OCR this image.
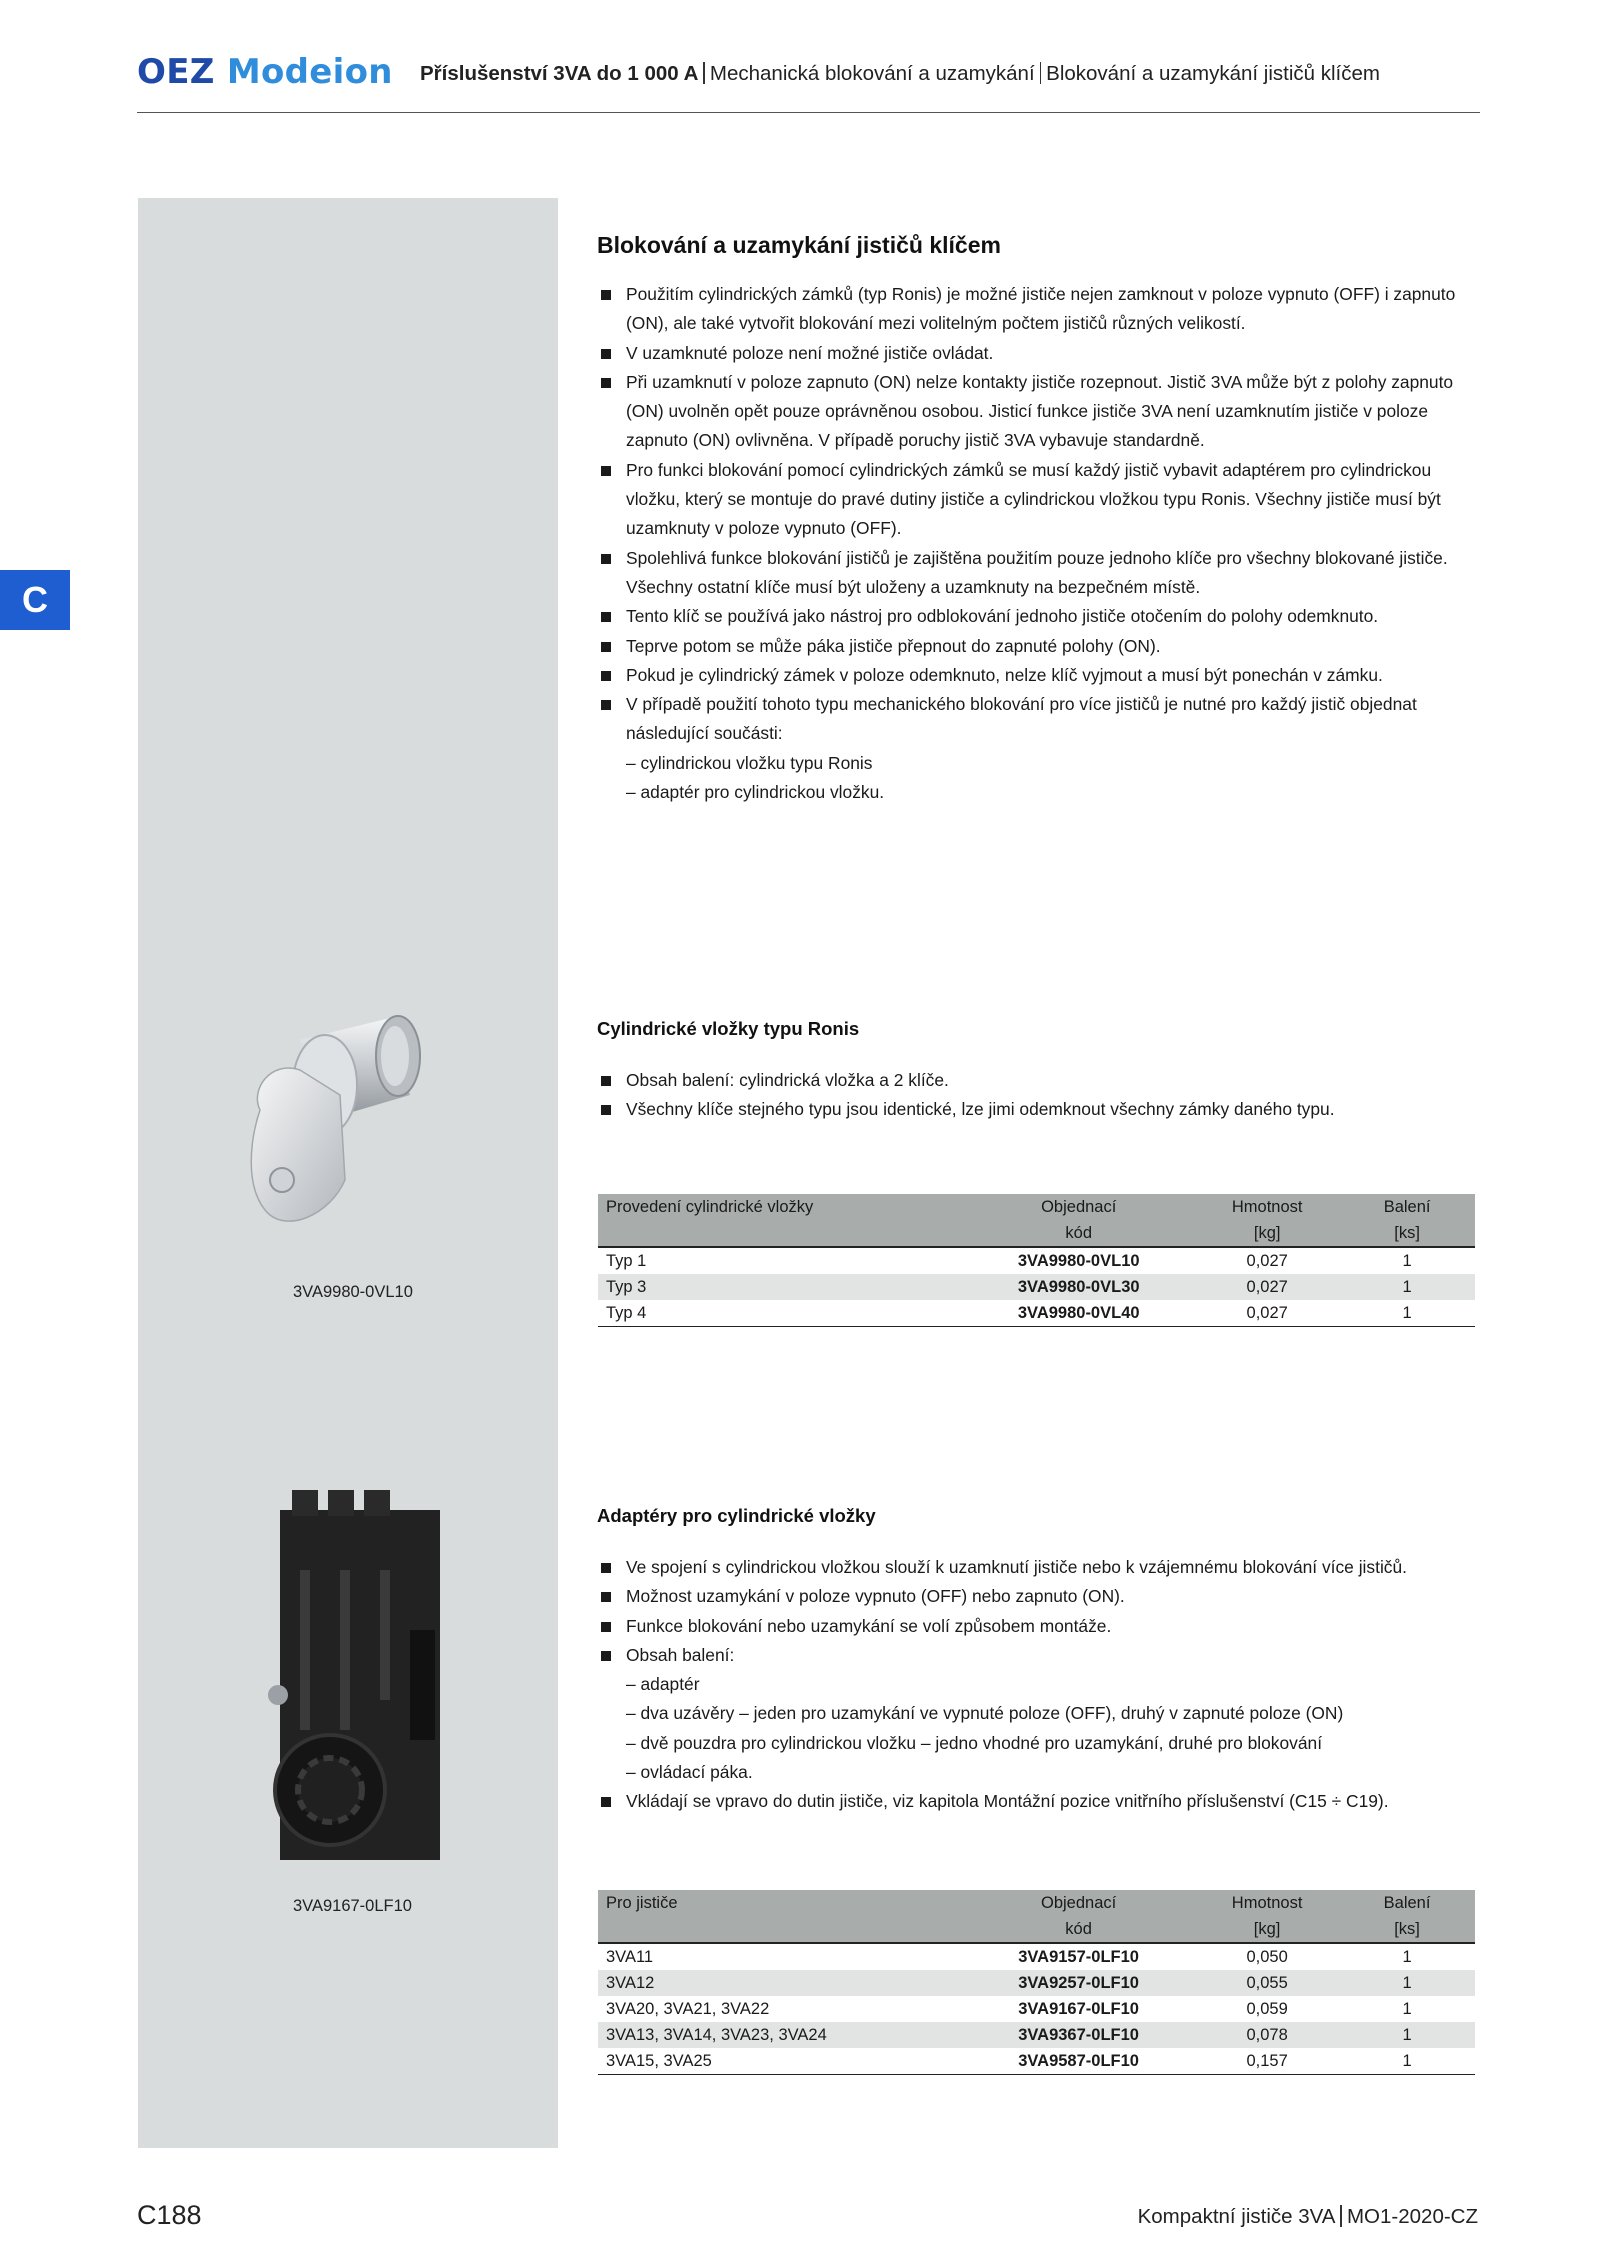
OEZ Modeion Příslušenství 3VA do 1 000 A Mechanická blokování a uzamykání Blokování a uzamykání jističů klíčem
C
Blokování a uzamykání jističů klíčem
Použitím cylindrických zámků (typ Ronis) je možné jističe nejen zamknout v poloze vypnuto (OFF) i zapnuto (ON), ale také vytvořit blokování mezi volitelným počtem jističů různých velikostí.
V uzamknuté poloze není možné jističe ovládat.
Při uzamknutí v poloze zapnuto (ON) nelze kontakty jističe rozepnout. Jistič 3VA může být z polohy zapnuto (ON) uvolněn opět pouze oprávněnou osobou. Jisticí funkce jističe 3VA není uzamknutím jističe v poloze zapnuto (ON) ovlivněna. V případě poruchy jistič 3VA vybavuje standardně.
Pro funkci blokování pomocí cylindrických zámků se musí každý jistič vybavit adaptérem pro cylindrickou vložku, který se montuje do pravé dutiny jističe a cylindrickou vložkou typu Ronis. Všechny jističe musí být uzamknuty v poloze vypnuto (OFF).
Spolehlivá funkce blokování jističů je zajištěna použitím pouze jednoho klíče pro všechny blokované jističe. Všechny ostatní klíče musí být uloženy a uzamknuty na bezpečném místě.
Tento klíč se používá jako nástroj pro odblokování jednoho jističe otočením do polohy odemknuto.
Teprve potom se může páka jističe přepnout do zapnuté polohy (ON).
Pokud je cylindrický zámek v poloze odemknuto, nelze klíč vyjmout a musí být ponechán v zámku.
V případě použití tohoto typu mechanického blokování pro více jističů je nutné pro každý jistič objednat následující součásti:
– cylindrickou vložku typu Ronis
– adaptér pro cylindrickou vložku.
3VA9980-0VL10
Cylindrické vložky typu Ronis
Obsah balení: cylindrická vložka a 2 klíče.
Všechny klíče stejného typu jsou identické, lze jimi odemknout všechny zámky daného typu.
Provedení cylindrické vložky	Objednací	Hmotnost	Balení
	kód	[kg]	[ks]
Typ 1	3VA9980-0VL10	0,027	1
Typ 3	3VA9980-0VL30	0,027	1
Typ 4	3VA9980-0VL40	0,027	1
3VA9167-0LF10
Adaptéry pro cylindrické vložky
Ve spojení s cylindrickou vložkou slouží k uzamknutí jističe nebo k vzájemnému blokování více jističů.
Možnost uzamykání v poloze vypnuto (OFF) nebo zapnuto (ON).
Funkce blokování nebo uzamykání se volí způsobem montáže.
Obsah balení:
– adaptér
– dva uzávěry – jeden pro uzamykání ve vypnuté poloze (OFF), druhý v zapnuté poloze (ON)
– dvě pouzdra pro cylindrickou vložku – jedno vhodné pro uzamykání, druhé pro blokování
– ovládací páka.
Vkládají se vpravo do dutin jističe, viz kapitola Montážní pozice vnitřního příslušenství (C15 ÷ C19).
Pro jističe	Objednací	Hmotnost	Balení
	kód	[kg]	[ks]
3VA11	3VA9157-0LF10	0,050	1
3VA12	3VA9257-0LF10	0,055	1
3VA20, 3VA21, 3VA22	3VA9167-0LF10	0,059	1
3VA13, 3VA14, 3VA23, 3VA24	3VA9367-0LF10	0,078	1
3VA15, 3VA25	3VA9587-0LF10	0,157	1
C188	Kompaktní jističe 3VA MO1-2020-CZ
